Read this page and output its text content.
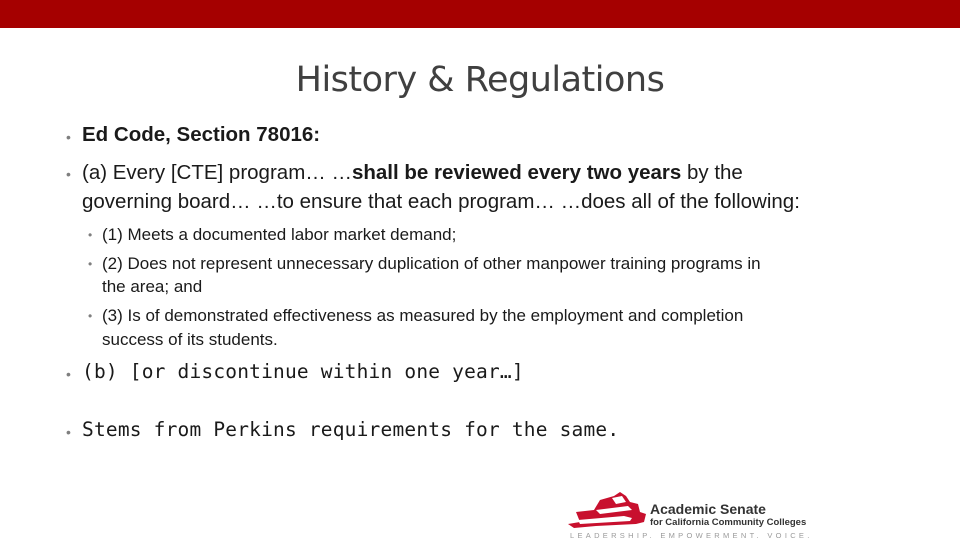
History & Regulations
• Ed Code, Section 78016:
• (a) Every [CTE] program… …shall be reviewed every two years by the
governing board… …to ensure that each program… …does all of the following:
• (1) Meets a documented labor market demand;
• (2) Does not represent unnecessary duplication of other manpower training programs in
the area; and
• (3) Is of demonstrated effectiveness as measured by the employment and completion
success of its students.
• (b) [or discontinue within one year…]
• Stems from Perkins requirements for the same.
Academic Senate
for California Community Colleges
LEADERSHIP. EMPOWERMENT. VOICE.
